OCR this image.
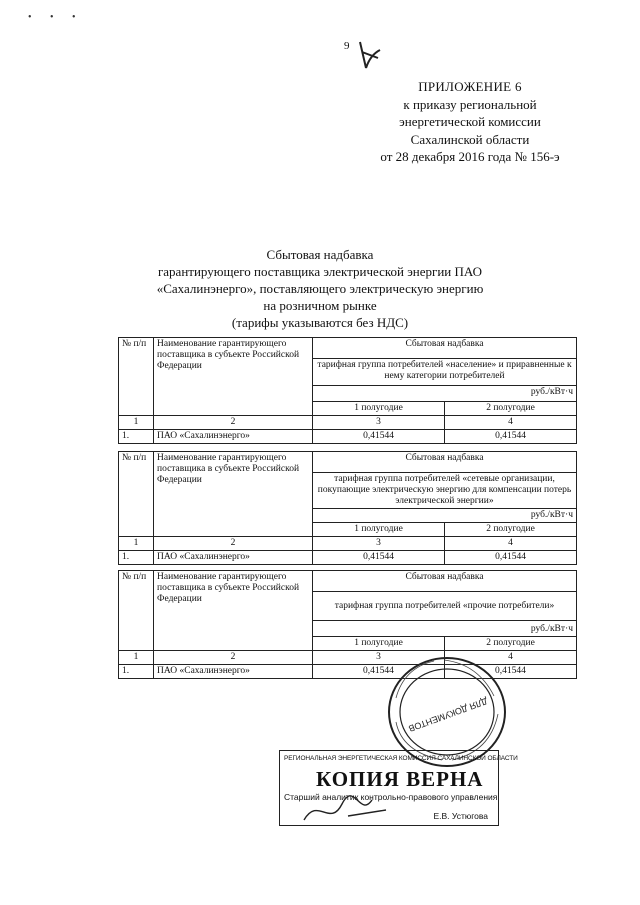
• • •
9
ПРИЛОЖЕНИЕ 6
к приказу региональной
энергетической комиссии
Сахалинской области
от 28 декабря 2016 года № 156-э
Сбытовая надбавка
гарантирующего поставщика электрической энергии ПАО
«Сахалинэнерго», поставляющего электрическую энергию
на розничном рынке
(тарифы указываются без НДС)
№ п/п	Наименование гарантирующего поставщика в субъекте Российской Федерации	Сбытовая надбавка	
		тарифная группа потребителей «население» и приравненные к нему категории потребителей	
		руб./кВт·ч	
		1 полугодие	2 полугодие
1	2	3	4
1.	ПАО «Сахалинэнерго»	0,41544	0,41544
№ п/п	Наименование гарантирующего поставщика в субъекте Российской Федерации	Сбытовая надбавка	
		тарифная группа потребителей «сетевые организации, покупающие электрическую энергию для компенсации потерь электрической энергии»	
		руб./кВт·ч	
		1 полугодие	2 полугодие
1	2	3	4
1.	ПАО «Сахалинэнерго»	0,41544	0,41544
№ п/п	Наименование гарантирующего поставщика в субъекте Российской Федерации	Сбытовая надбавка	
		тарифная группа потребителей «прочие потребители»	
		руб./кВт·ч	
		1 полугодие	2 полугодие
1	2	3	4
1.	ПАО «Сахалинэнерго»	0,41544	0,41544
ДЛЯ ДОКУМЕНТОВ
РЕГИОНАЛЬНАЯ ЭНЕРГЕТИЧЕСКАЯ КОМИССИЯ САХАЛИНСКОЙ ОБЛАСТИ
КОПИЯ ВЕРНА
Старший аналитик контрольно-правового управления
Е.В. Устюгова
